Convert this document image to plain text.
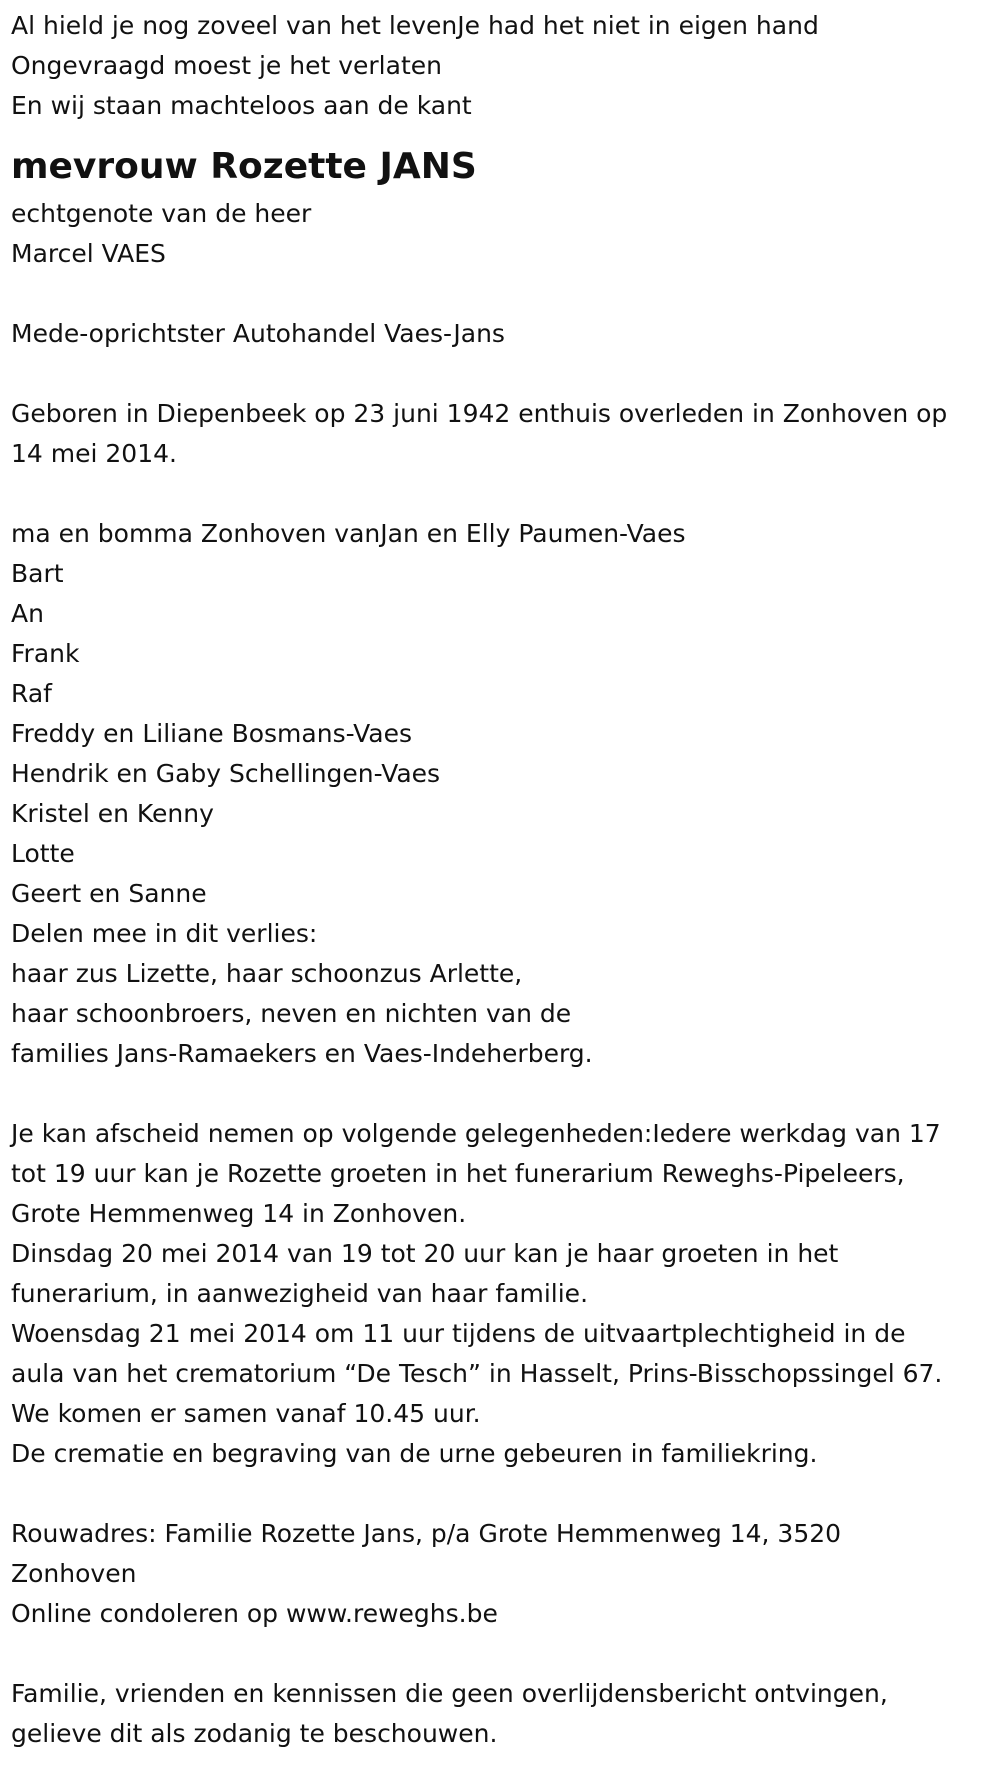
Al hield je nog zoveel van het levenJe had het niet in eigen hand
Ongevraagd moest je het verlaten
En wij staan machteloos aan de kant
mevrouw Rozette JANS
echtgenote van de heer
Marcel VAES
Mede-oprichtster Autohandel Vaes-Jans
Geboren in Diepenbeek op 23 juni 1942 enthuis overleden in Zonhoven op
14 mei 2014.
ma en bomma Zonhoven vanJan en Elly Paumen-Vaes
Bart
An
Frank
Raf
Freddy en Liliane Bosmans-Vaes
Hendrik en Gaby Schellingen-Vaes
Kristel en Kenny
Lotte
Geert en Sanne
Delen mee in dit verlies:
haar zus Lizette, haar schoonzus Arlette,
haar schoonbroers, neven en nichten van de
families Jans-Ramaekers en Vaes-Indeherberg.
Je kan afscheid nemen op volgende gelegenheden:Iedere werkdag van 17
tot 19 uur kan je Rozette groeten in het funerarium Reweghs-Pipeleers,
Grote Hemmenweg 14 in Zonhoven.
Dinsdag 20 mei 2014 van 19 tot 20 uur kan je haar groeten in het
funerarium, in aanwezigheid van haar familie.
Woensdag 21 mei 2014 om 11 uur tijdens de uitvaartplechtigheid in de
aula van het crematorium “De Tesch” in Hasselt, Prins-Bisschopssingel 67.
We komen er samen vanaf 10.45 uur.
De crematie en begraving van de urne gebeuren in familiekring.
Rouwadres: Familie Rozette Jans, p/a Grote Hemmenweg 14, 3520
Zonhoven
Online condoleren op www.reweghs.be
Familie, vrienden en kennissen die geen overlijdensbericht ontvingen,
gelieve dit als zodanig te beschouwen.
